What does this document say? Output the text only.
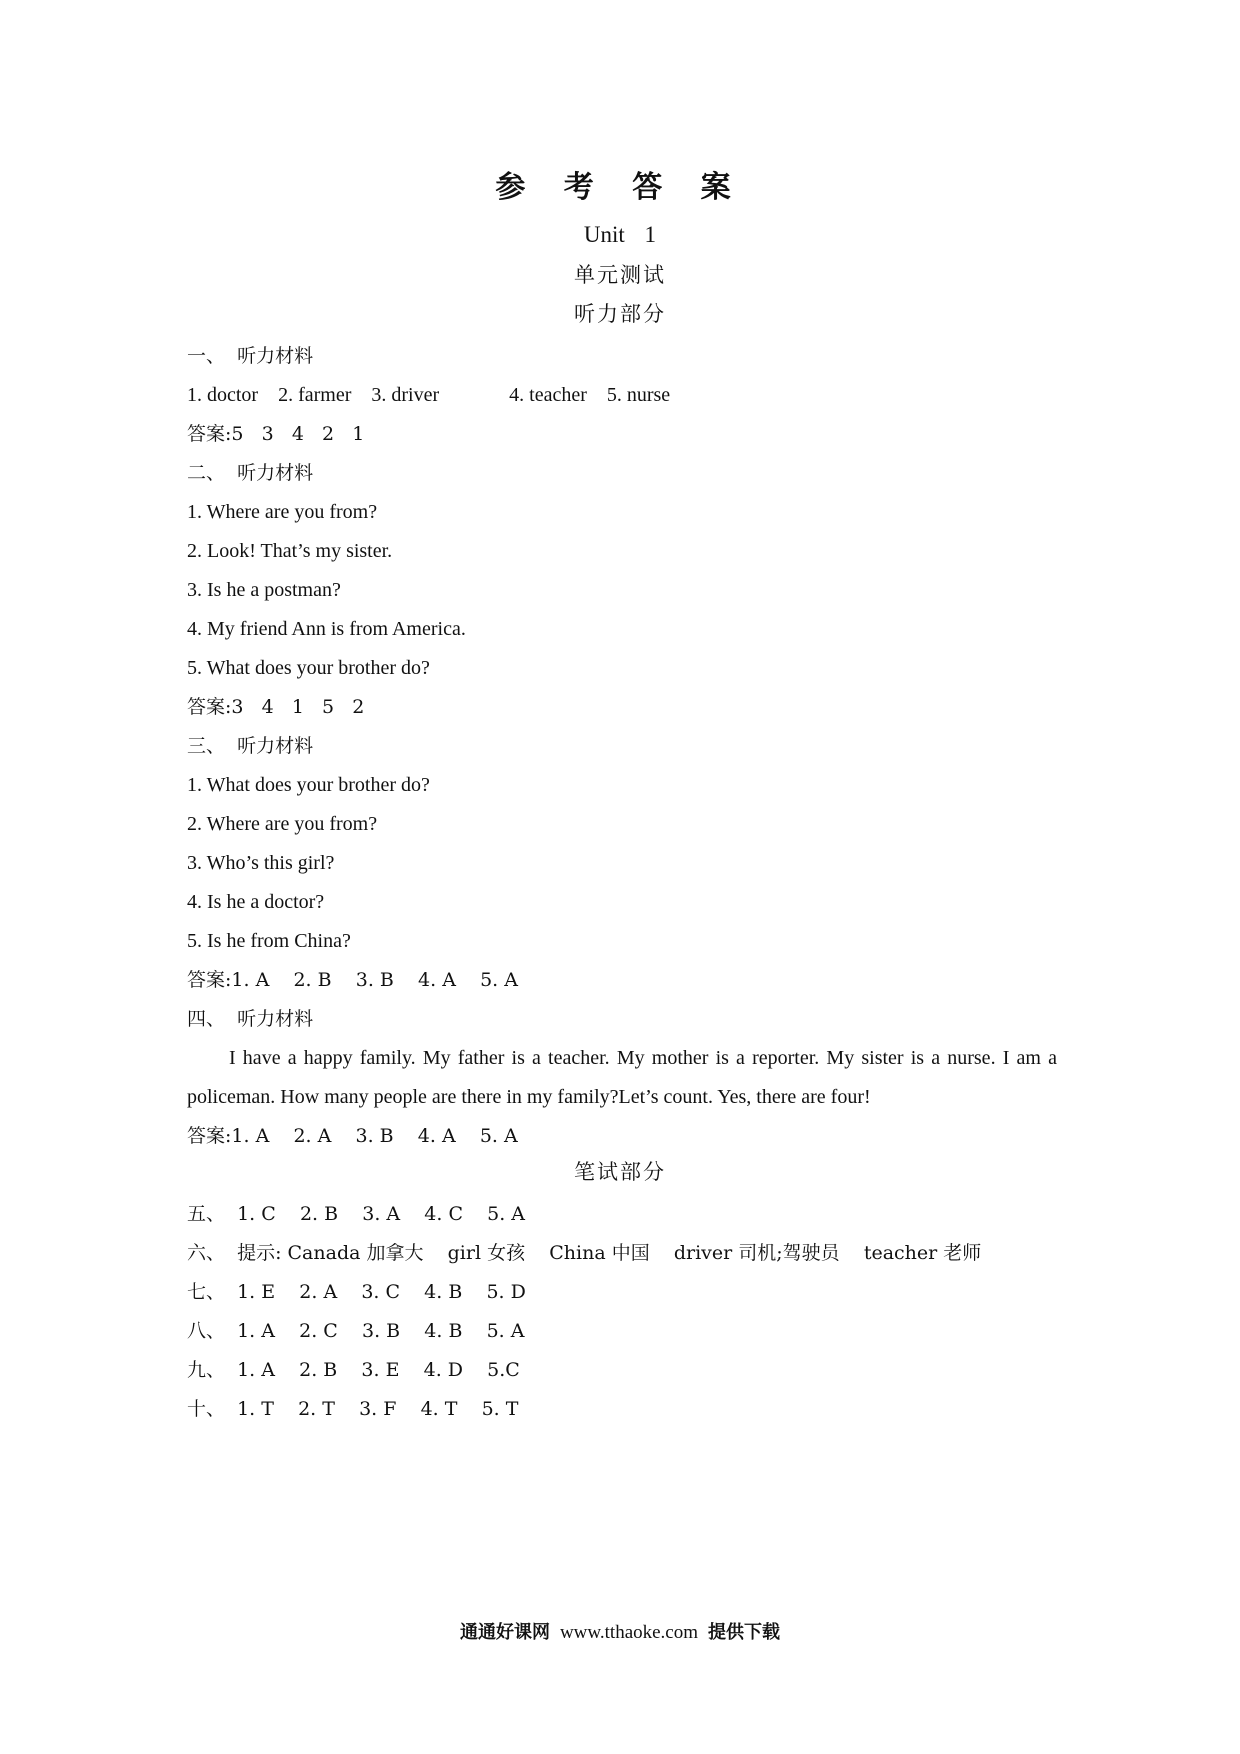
参 考 答 案
Unit 1
单元测试
听力部分
一、  听力材料
1. doctor    2. farmer    3. driver              4. teacher    5. nurse
答案:5   3   4   2   1
二、  听力材料
1. Where are you from?
2. Look! That’s my sister.
3. Is he a postman?
4. My friend Ann is from America.
5. What does your brother do?
答案:3   4   1   5   2
三、  听力材料
1. What does your brother do?
2. Where are you from?
3. Who’s this girl?
4. Is he a doctor?
5. Is he from China?
答案:1. A    2. B    3. B    4. A    5. A
四、  听力材料
I have a happy family. My father is a teacher. My mother is a reporter. My sister is a nurse. I am a policeman. How many people are there in my family?Let’s count. Yes, there are four!
答案:1. A    2. A    3. B    4. A    5. A
五、  1. C    2. B    3. A    4. C    5. A
六、  提示: Canada 加拿大    girl 女孩    China 中国    driver 司机;驾驶员    teacher 老师
七、  1. E    2. A    3. C    4. B    5. D
八、  1. A    2. C    3. B    4. B    5. A
九、  1. A    2. B    3. E    4. D    5.C
十、  1. T    2. T    3. F    4. T    5. T
笔试部分
通通好课网 www.tthaoke.com 提供下载
